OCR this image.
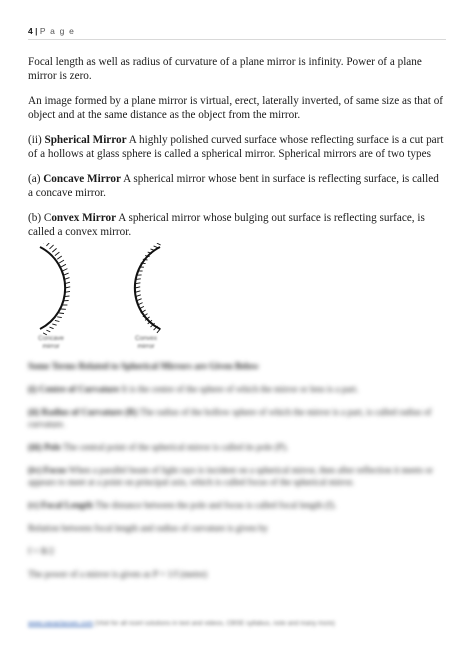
4 | P a g e

Focal length as well as radius of curvature of a plane mirror is infinity. Power of a plane mirror is zero.

An image formed by a plane mirror is virtual, erect, laterally inverted, of same size as that of object and at the same distance as the object from the mirror.

(ii) Spherical Mirror A highly polished curved surface whose reflecting surface is a cut part of a hollows at glass sphere is called a spherical mirror. Spherical mirrors are of two types

(a) Concave Mirror A spherical mirror whose bent in surface is reflecting surface, is called a concave mirror.

(b) Convex Mirror A spherical mirror whose bulging out surface is reflecting surface, is called a convex mirror.

Concave mirror
Convex mirror

Some Terms Related to Spherical Mirrors are Given Below

(i) Centre of Curvature It is the centre of the sphere of which the mirror or lens is a part.

(ii) Radius of Curvature (R) The radius of the hollow sphere of which the mirror is a part, is called radius of curvature.

(iii) Pole The central point of the spherical mirror is called its pole (P).

(iv) Focus When a parallel beam of light rays is incident on a spherical mirror, then after reflection it meets or appears to meet at a point on principal axis, which is called focus of the spherical mirror.

(v) Focal Length The distance between the pole and focus is called focal length (f).

Relation between focal length and radius of curvature is given by

f = R/2

The power of a mirror is given as P = 1/f (metre)

www.vavaclasses.com (Visit for all ncert solutions in text and videos, CBSE syllabus, note and many more)
